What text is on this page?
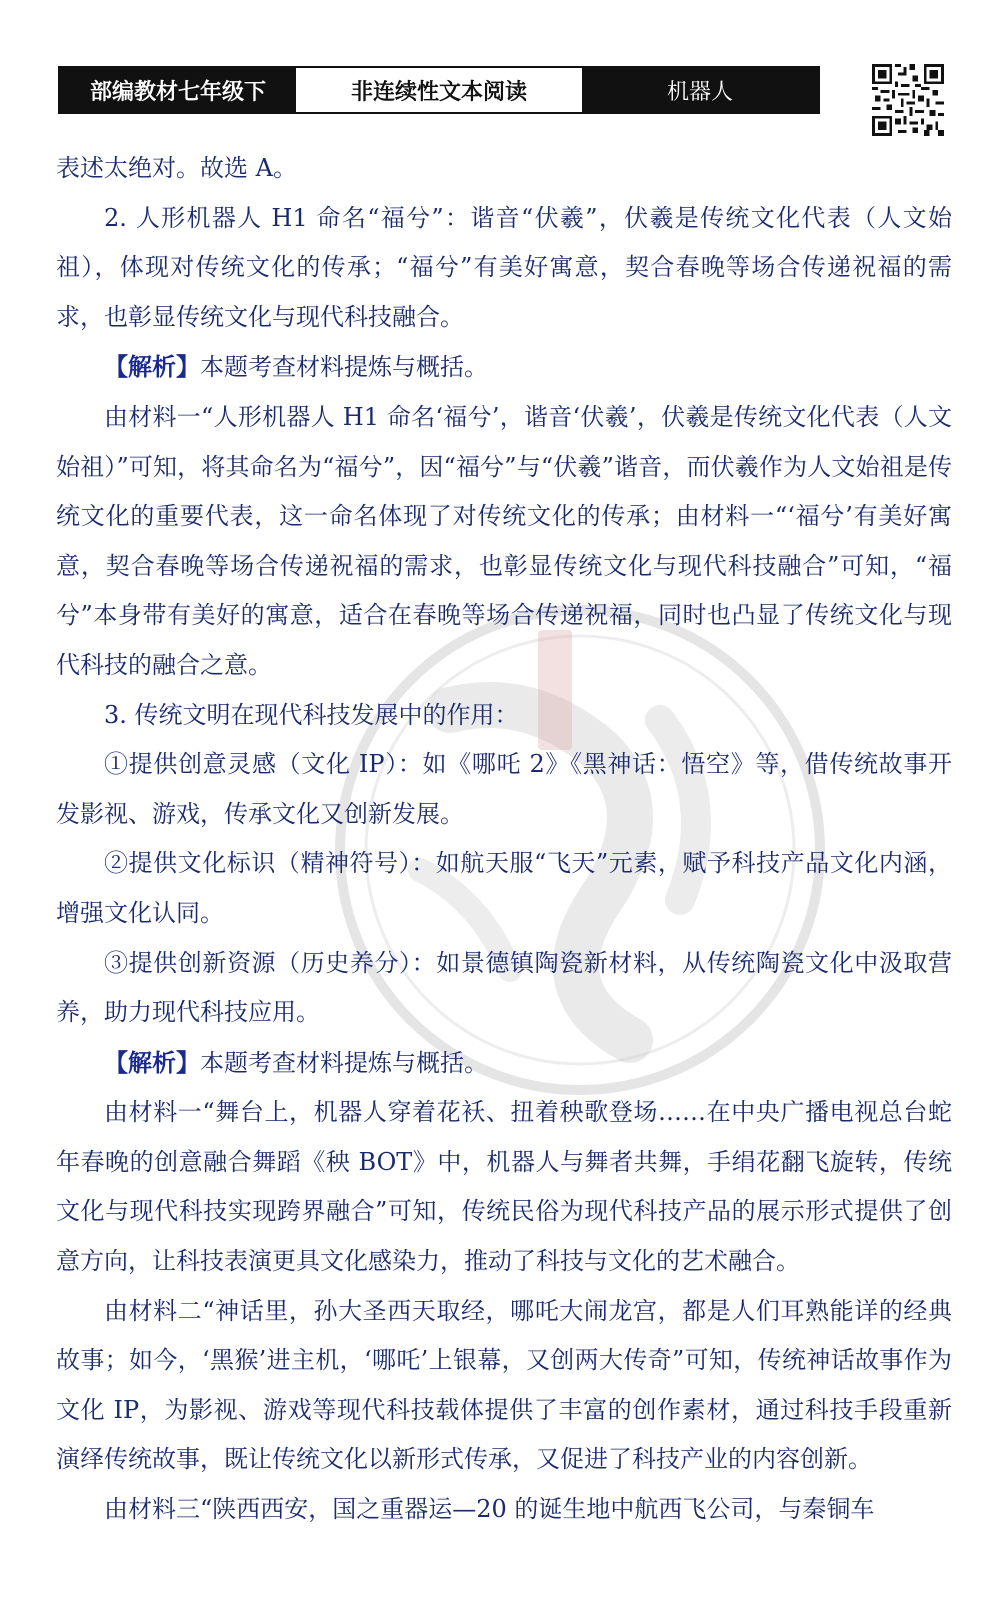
部编教材七年级下	非连续性文本阅读	机器人

表述太绝对。故选 A。

2. 人形机器人 H1 命名“福兮”：谐音“伏羲”，伏羲是传统文化代表（人文始祖），体现对传统文化的传承；“福兮”有美好寓意，契合春晚等场合传递祝福的需求，也彰显传统文化与现代科技融合。

【解析】本题考查材料提炼与概括。

由材料一“人形机器人 H1 命名‘福兮’，谐音‘伏羲’，伏羲是传统文化代表（人文始祖）”可知，将其命名为“福兮”，因“福兮”与“伏羲”谐音，而伏羲作为人文始祖是传统文化的重要代表，这一命名体现了对传统文化的传承；由材料一“‘福兮’有美好寓意，契合春晚等场合传递祝福的需求，也彰显传统文化与现代科技融合”可知，“福兮”本身带有美好的寓意，适合在春晚等场合传递祝福，同时也凸显了传统文化与现代科技的融合之意。

3. 传统文明在现代科技发展中的作用：

①提供创意灵感（文化 IP）：如《哪吒 2》《黑神话：悟空》等，借传统故事开发影视、游戏，传承文化又创新发展。

②提供文化标识（精神符号）：如航天服“飞天”元素，赋予科技产品文化内涵，增强文化认同。

③提供创新资源（历史养分）：如景德镇陶瓷新材料，从传统陶瓷文化中汲取营养，助力现代科技应用。

【解析】本题考查材料提炼与概括。

由材料一“舞台上，机器人穿着花袄、扭着秧歌登场……在中央广播电视总台蛇年春晚的创意融合舞蹈《秧 BOT》中，机器人与舞者共舞，手绢花翻飞旋转，传统文化与现代科技实现跨界融合”可知，传统民俗为现代科技产品的展示形式提供了创意方向，让科技表演更具文化感染力，推动了科技与文化的艺术融合。

由材料二“神话里，孙大圣西天取经，哪吒大闹龙宫，都是人们耳熟能详的经典故事；如今，‘黑猴’进主机，‘哪吒’上银幕，又创两大传奇”可知，传统神话故事作为文化 IP，为影视、游戏等现代科技载体提供了丰富的创作素材，通过科技手段重新演绎传统故事，既让传统文化以新形式传承，又促进了科技产业的内容创新。

由材料三“陕西西安，国之重器运—20 的诞生地中航西飞公司，与秦铜车
